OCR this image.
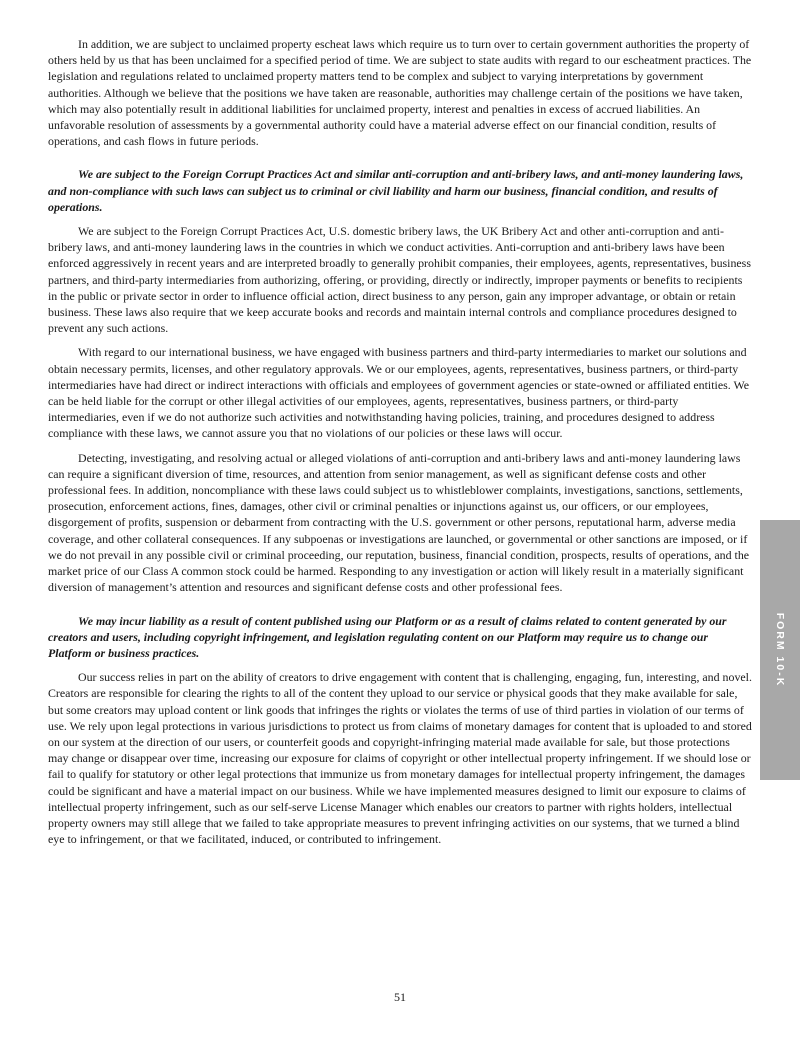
In addition, we are subject to unclaimed property escheat laws which require us to turn over to certain government authorities the property of others held by us that has been unclaimed for a specified period of time. We are subject to state audits with regard to our escheatment practices. The legislation and regulations related to unclaimed property matters tend to be complex and subject to varying interpretations by government authorities. Although we believe that the positions we have taken are reasonable, authorities may challenge certain of the positions we have taken, which may also potentially result in additional liabilities for unclaimed property, interest and penalties in excess of accrued liabilities. An unfavorable resolution of assessments by a governmental authority could have a material adverse effect on our financial condition, results of operations, and cash flows in future periods.

We are subject to the Foreign Corrupt Practices Act and similar anti-corruption and anti-bribery laws, and anti-money laundering laws, and non-compliance with such laws can subject us to criminal or civil liability and harm our business, financial condition, and results of operations.

We are subject to the Foreign Corrupt Practices Act, U.S. domestic bribery laws, the UK Bribery Act and other anti-corruption and anti-bribery laws, and anti-money laundering laws in the countries in which we conduct activities. Anti-corruption and anti-bribery laws have been enforced aggressively in recent years and are interpreted broadly to generally prohibit companies, their employees, agents, representatives, business partners, and third-party intermediaries from authorizing, offering, or providing, directly or indirectly, improper payments or benefits to recipients in the public or private sector in order to influence official action, direct business to any person, gain any improper advantage, or obtain or retain business. These laws also require that we keep accurate books and records and maintain internal controls and compliance procedures designed to prevent any such actions.

With regard to our international business, we have engaged with business partners and third-party intermediaries to market our solutions and obtain necessary permits, licenses, and other regulatory approvals. We or our employees, agents, representatives, business partners, or third-party intermediaries have had direct or indirect interactions with officials and employees of government agencies or state-owned or affiliated entities. We can be held liable for the corrupt or other illegal activities of our employees, agents, representatives, business partners, or third-party intermediaries, even if we do not authorize such activities and notwithstanding having policies, training, and procedures designed to address compliance with these laws, we cannot assure you that no violations of our policies or these laws will occur.

Detecting, investigating, and resolving actual or alleged violations of anti-corruption and anti-bribery laws and anti-money laundering laws can require a significant diversion of time, resources, and attention from senior management, as well as significant defense costs and other professional fees. In addition, noncompliance with these laws could subject us to whistleblower complaints, investigations, sanctions, settlements, prosecution, enforcement actions, fines, damages, other civil or criminal penalties or injunctions against us, our officers, or our employees, disgorgement of profits, suspension or debarment from contracting with the U.S. government or other persons, reputational harm, adverse media coverage, and other collateral consequences. If any subpoenas or investigations are launched, or governmental or other sanctions are imposed, or if we do not prevail in any possible civil or criminal proceeding, our reputation, business, financial condition, prospects, results of operations, and the market price of our Class A common stock could be harmed. Responding to any investigation or action will likely result in a materially significant diversion of management’s attention and resources and significant defense costs and other professional fees.

We may incur liability as a result of content published using our Platform or as a result of claims related to content generated by our creators and users, including copyright infringement, and legislation regulating content on our Platform may require us to change our Platform or business practices.

Our success relies in part on the ability of creators to drive engagement with content that is challenging, engaging, fun, interesting, and novel. Creators are responsible for clearing the rights to all of the content they upload to our service or physical goods that they make available for sale, but some creators may upload content or link goods that infringes the rights or violates the terms of use of third parties in violation of our terms of use. We rely upon legal protections in various jurisdictions to protect us from claims of monetary damages for content that is uploaded to and stored on our system at the direction of our users, or counterfeit goods and copyright-infringing material made available for sale, but those protections may change or disappear over time, increasing our exposure for claims of copyright or other intellectual property infringement. If we should lose or fail to qualify for statutory or other legal protections that immunize us from monetary damages for intellectual property infringement, the damages could be significant and have a material impact on our business. While we have implemented measures designed to limit our exposure to claims of intellectual property infringement, such as our self-serve License Manager which enables our creators to partner with rights holders, intellectual property owners may still allege that we failed to take appropriate measures to prevent infringing activities on our systems, that we turned a blind eye to infringement, or that we facilitated, induced, or contributed to infringement.

FORM 10-K
51
